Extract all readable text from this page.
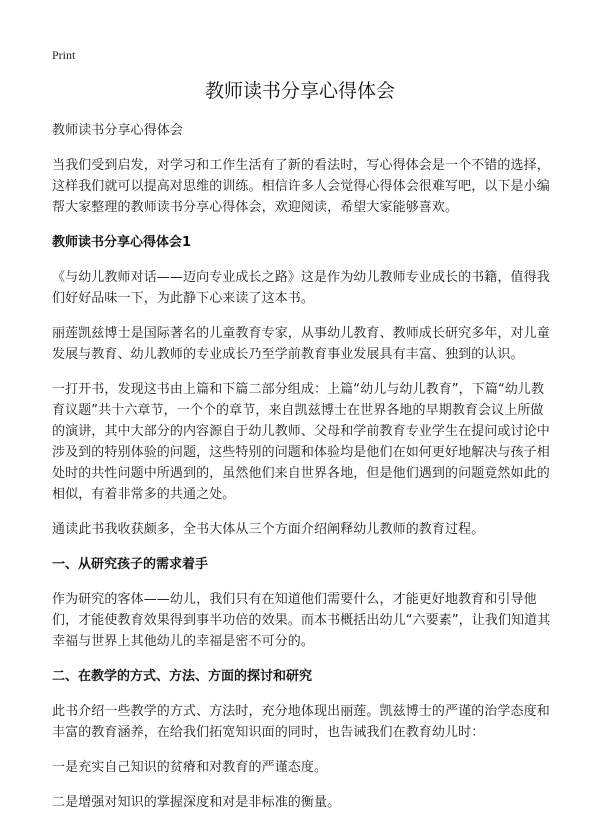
Print
教师读书分享心得体会

教师读书分享心得体会

当我们受到启发，对学习和工作生活有了新的看法时，写心得体会是一个不错的选择，这样我们就可以提高对思维的训练。相信许多人会觉得心得体会很难写吧，以下是小编帮大家整理的教师读书分享心得体会，欢迎阅读，希望大家能够喜欢。

教师读书分享心得体会1

《与幼儿教师对话——迈向专业成长之路》这是作为幼儿教师专业成长的书籍，值得我们好好品味一下，为此静下心来读了这本书。

丽莲凯兹博士是国际著名的儿童教育专家，从事幼儿教育、教师成长研究多年，对儿童发展与教育、幼儿教师的专业成长乃至学前教育事业发展具有丰富、独到的认识。

一打开书，发现这书由上篇和下篇二部分组成：上篇“幼儿与幼儿教育”，下篇“幼儿教育议题”共十六章节，一个个的章节，来自凯兹博士在世界各地的早期教育会议上所做的演讲，其中大部分的内容源自于幼儿教师、父母和学前教育专业学生在提问或讨论中涉及到的特别体验的问题，这些特别的问题和体验均是他们在如何更好地解决与孩子相处时的共性问题中所遇到的，虽然他们来自世界各地，但是他们遇到的问题竟然如此的相似，有着非常多的共通之处。

通读此书我收获颇多，全书大体从三个方面介绍阐释幼儿教师的教育过程。

一、从研究孩子的需求着手

作为研究的客体——幼儿，我们只有在知道他们需要什么，才能更好地教育和引导他们，才能使教育效果得到事半功倍的效果。而本书概括出幼儿“六要素”，让我们知道其幸福与世界上其他幼儿的幸福是密不可分的。

二、在教学的方式、方法、方面的探讨和研究

此书介绍一些教学的方式、方法时，充分地体现出丽莲。凯兹博士的严谨的治学态度和丰富的教育涵养，在给我们拓宽知识面的同时，也告诫我们在教育幼儿时：

一是充实自己知识的贫瘠和对教育的严谨态度。

二是增强对知识的掌握深度和对是非标准的衡量。
